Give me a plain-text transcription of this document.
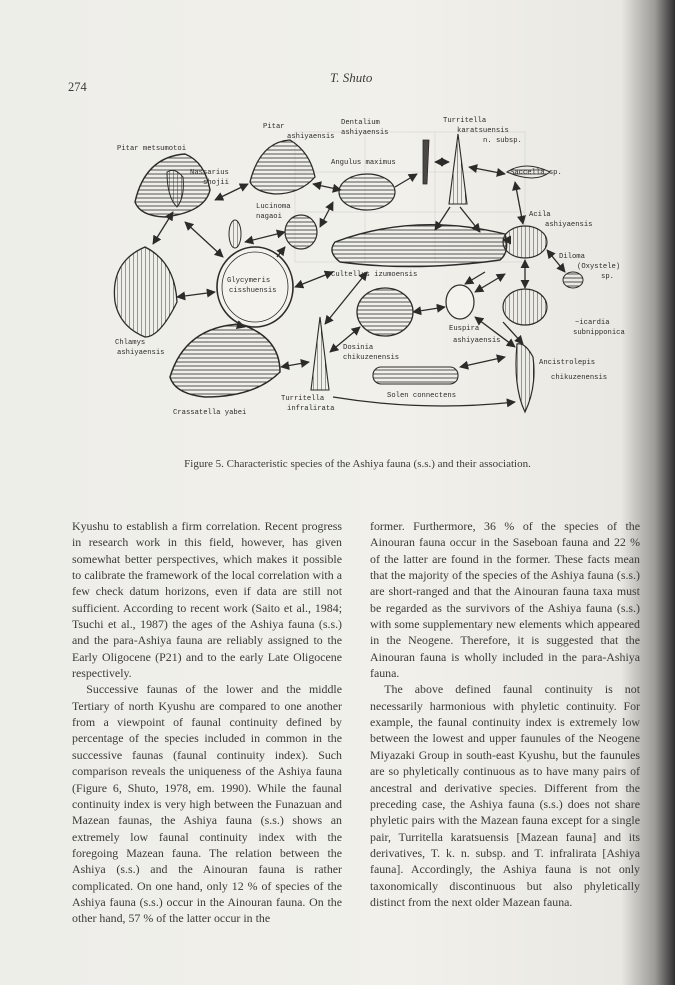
274
T. Shuto
Pitar metsumotoi
Pitar
ashiyaensis
Dentalium
ashiyaensis
Turritella
karatsuensis
n. subsp.
Nassarius
shojii
Angulus maximus
Saccella sp.
Lucinoma
nagaoi	Acila
ashiyaensis
Diloma
(Oxystele)
sp.
Glycymeris
cisshuensis
Cultellus izumoensis
~icardia
subnipponica
Chlamys
ashiyaensis
Euspira
ashiyaensis
Dosinia
chikuzenensis
Ancistrolepis
chikuzenensis
Solen connectens
Turritella
infralirata
Crassatella yabei
Figure 5. Characteristic species of the Ashiya fauna (s.s.) and their association.

Kyushu to establish a firm correlation. Recent progress in research work in this field, however, has given somewhat better perspectives, which makes it possible to calibrate the framework of the local correlation with a few check datum horizons, even if data are still not sufficient. According to recent work (Saito et al., 1984; Tsuchi et al., 1987) the ages of the Ashiya fauna (s.s.) and the para-Ashiya fauna are reliably assigned to the Early Oligocene (P21) and to the early Late Oligocene respectively.

Successive faunas of the lower and the middle Tertiary of north Kyushu are compared to one another from a viewpoint of faunal continuity defined by percentage of the species included in common in the successive faunas (faunal continuity index). Such comparison reveals the uniqueness of the Ashiya fauna (Figure 6, Shuto, 1978, em. 1990). While the faunal continuity index is very high between the Funazuan and Mazean faunas, the Ashiya fauna (s.s.) shows an extremely low faunal continuity index with the foregoing Mazean fauna. The relation between the Ashiya (s.s.) and the Ainouran fauna is rather complicated. On one hand, only 12 % of species of the Ashiya fauna (s.s.) occur in the Ainouran fauna. On the other hand, 57 % of the latter occur in the

former. Furthermore, 36 % of the species of the Ainouran fauna occur in the Saseboan fauna and 22 % of the latter are found in the former. These facts mean that the majority of the species of the Ashiya fauna (s.s.) are short-ranged and that the Ainouran fauna taxa must be regarded as the survivors of the Ashiya fauna (s.s.) with some supplementary new elements which appeared in the Neogene. Therefore, it is suggested that the Ainouran fauna is wholly included in the para-Ashiya fauna.

The above defined faunal continuity is not necessarily harmonious with phyletic continuity. For example, the faunal continuity index is extremely low between the lowest and upper faunules of the Neogene Miyazaki Group in south-east Kyushu, but the faunules are so phyletically continuous as to have many pairs of ancestral and derivative species. Different from the preceding case, the Ashiya fauna (s.s.) does not share phyletic pairs with the Mazean fauna except for a single pair, Turritella karatsuensis [Mazean fauna] and its derivatives, T. k. n. subsp. and T. infralirata [Ashiya fauna]. Accordingly, the Ashiya fauna is not only taxonomically discontinuous but also phyletically distinct from the next older Mazean fauna.
